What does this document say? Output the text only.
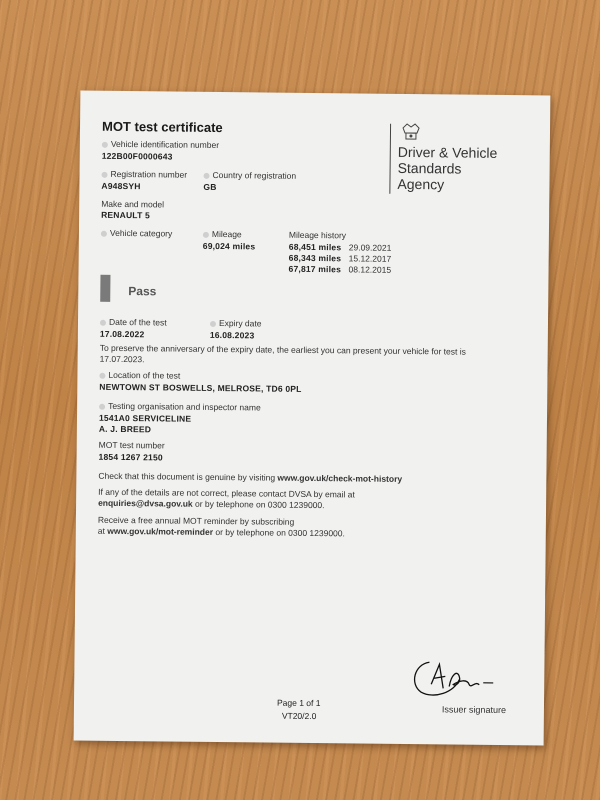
MOT test certificate
Vehicle identification number
122B00F0000643
Registration number
A948SYH
Country of registration
GB
Make and model
RENAULT 5
Vehicle category	Mileage
69,024 miles
Mileage history
68,451 miles 29.09.2021
68,343 miles 15.12.2017
67,817 miles 08.12.2015
Driver & Vehicle
Standards
Agency
Pass
Date of the test
17.08.2022
Expiry date
16.08.2023
To preserve the anniversary of the expiry date, the earliest you can present your vehicle for test is
17.07.2023.
Location of the test
NEWTOWN ST BOSWELLS, MELROSE, TD6 0PL
Testing organisation and inspector name
1541A0 SERVICELINE
A. J. BREED
MOT test number
1854 1267 2150
Check that this document is genuine by visiting www.gov.uk/check-mot-history
If any of the details are not correct, please contact DVSA by email at
enquiries@dvsa.gov.uk or by telephone on 0300 1239000.
Receive a free annual MOT reminder by subscribing
at www.gov.uk/mot-reminder or by telephone on 0300 1239000.
Issuer signature
Page 1 of 1
VT20/2.0
